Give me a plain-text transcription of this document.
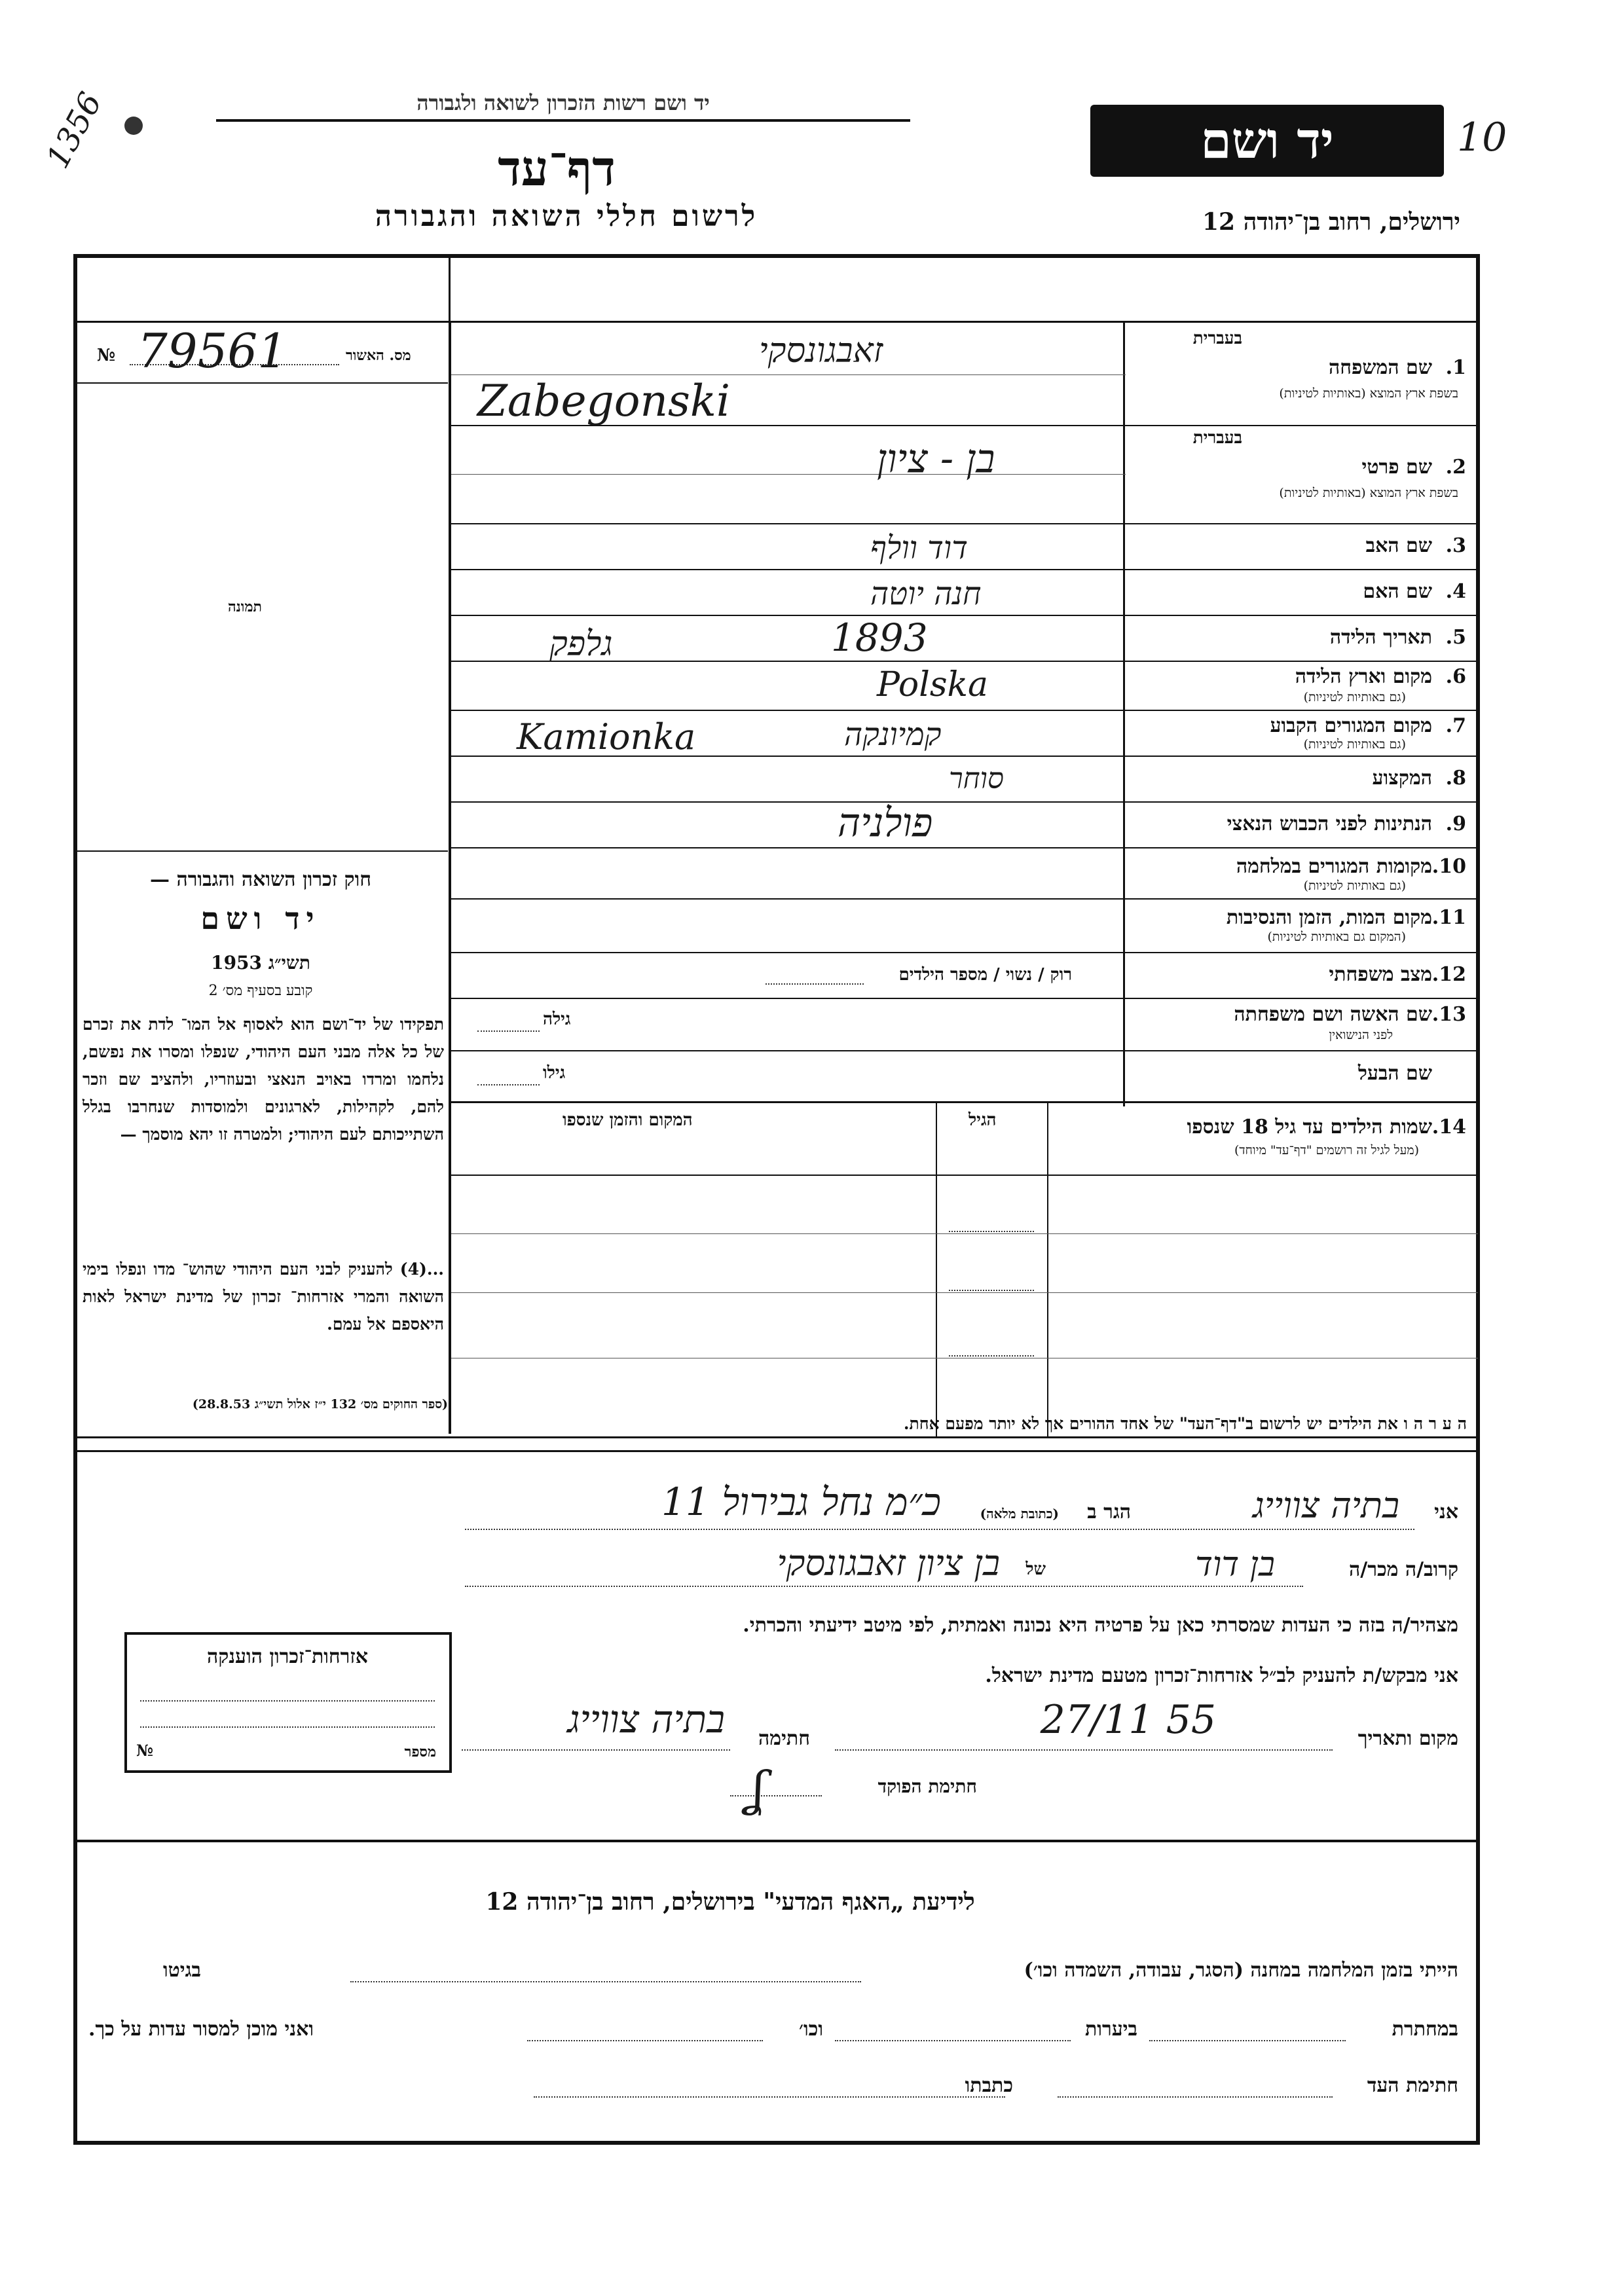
יד ושם רשות הזכרון לשואה ולגבורה
יד ושם	10
1356	דף־עד
לרשום חללי השואה והגבורה	ירושלים, רחוב בן־יהודה 12
מס. האשור
№ 79561
תמונה
חוק זכרון השואה והגבורה —
יד ושם
תשי״ג 1953
קובע בסעיף מס׳ 2
תפקידו של יד־ושם הוא לאסוף אל המו־ לדת את זכרם של כל אלה מבני העם היהודי, שנפלו ומסרו את נפשם, נלחמו ומרדו באויב הנאצי ובעוזריו, ולהציב שם וזכר להם, לקהילות, לארגונים ולמוסדות שנחרבו בגלל השתייכותם לעם היהודי; ולמטרה זו יהא מוסמך —
...(4) להעניק לבני העם היהודי שהוש־ מדו ונפלו בימי השואה והמרי אזרחות־ זכרון של מדינת ישראל לאות היאספם אל עמם.
(ספר החוקים מס׳ 132 י״ז אלול תשי״ג 28.8.53)
1.
שם המשפחה
בעברית
בשפת ארץ המוצא (באותיות לטיניות)
זאבגונסקי
Zabegonski
2.
שם פרטי
בעברית
בשפת ארץ המוצא (באותיות לטיניות)
בן - ציון
3.
שם האב
דוד וולף
4.
שם האם
חנה יוטה
5.
תאריך הלידה
1893
6.
מקום וארץ הלידה
(גם באותיות לטיניות)
גלפק
Polska
7.
מקום המגורים הקבוע
(גם באותיות לטיניות)
Kamionka	קמיונקה
8.
המקצוע
סוחר
9.
הנתינות לפני הכבוש הנאצי
פולניה
10.
מקומות המגורים במלחמה
(גם באותיות לטיניות)
11.
מקום המות, הזמן והנסיבות
(המקום גם באותיות לטיניות)
12.
מצב משפחתי
רוק / נשוי / מספר הילדים
13.
שם האשה ושם משפחתה
לפני הנישואין
גילה
שם הבעל
גילו
14.
שמות הילדים עד גיל 18 שנספו
(מעל לגיל זה רושמים "דף־עד" מיוחד)
הגיל
המקום והזמן שנספו
ה ע ר ה ו את הילדים יש לרשום ב"דף־העד" של אחד ההורים אך לא יותר מפעם אחת.
אני
בתיה צווייג
הגר ב
(כתובת מלאה)
כ״מ נחל גבירול 11
קרוב/ה מכר/ה
בן דוד
של
בן ציון זאבגונסקי
מצהיר/ה בזה כי העדות שמסרתי כאן על פרטיה היא נכונה ואמתית, לפי מיטב ידיעתי והכרתי.
אני מבקש/ת להעניק לב״ל אזרחות־זכרון מטעם מדינת ישראל.
מקום ותאריך
27/11 55
חתימה
בתיה צווייג
חתימת הפוקד
ʆ
אזרחות־זכרון הוענקה
מספר
№
לידיעת „האגף המדעי" בירושלים, רחוב בן־יהודה 12
הייתי בזמן המלחמה במחנה (הסגר, עבודה, השמדה וכו׳)
בגיטו
במחתרת
ביערות
וכו׳
ואני מוכן למסור עדות על כך.
חתימת העד
כתבתו
